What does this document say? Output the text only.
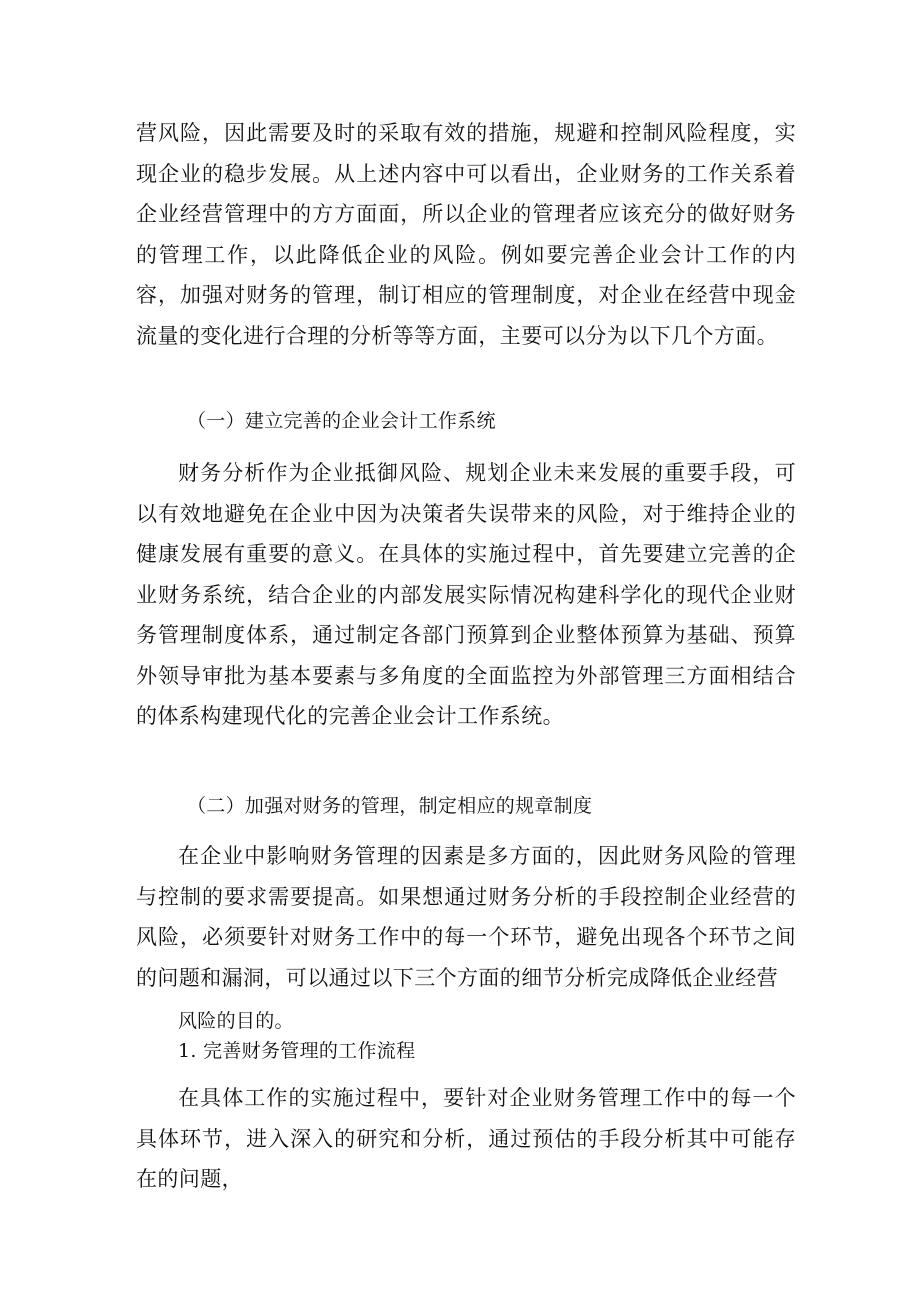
营风险，因此需要及时的采取有效的措施，规避和控制风险程度，实现企业的稳步发展。从上述内容中可以看出，企业财务的工作关系着企业经营管理中的方方面面，所以企业的管理者应该充分的做好财务的管理工作，以此降低企业的风险。例如要完善企业会计工作的内容，加强对财务的管理，制订相应的管理制度，对企业在经营中现金流量的变化进行合理的分析等等方面，主要可以分为以下几个方面。

（一）建立完善的企业会计工作系统

财务分析作为企业抵御风险、规划企业未来发展的重要手段，可以有效地避免在企业中因为决策者失误带来的风险，对于维持企业的健康发展有重要的意义。在具体的实施过程中，首先要建立完善的企业财务系统，结合企业的内部发展实际情况构建科学化的现代企业财务管理制度体系，通过制定各部门预算到企业整体预算为基础、预算外领导审批为基本要素与多角度的全面监控为外部管理三方面相结合的体系构建现代化的完善企业会计工作系统。

（二）加强对财务的管理，制定相应的规章制度

在企业中影响财务管理的因素是多方面的，因此财务风险的管理与控制的要求需要提高。如果想通过财务分析的手段控制企业经营的风险，必须要针对财务工作中的每一个环节，避免出现各个环节之间的问题和漏洞，可以通过以下三个方面的细节分析完成降低企业经营

风险的目的。

1. 完善财务管理的工作流程

在具体工作的实施过程中，要针对企业财务管理工作中的每一个具体环节，进入深入的研究和分析，通过预估的手段分析其中可能存在的问题，
